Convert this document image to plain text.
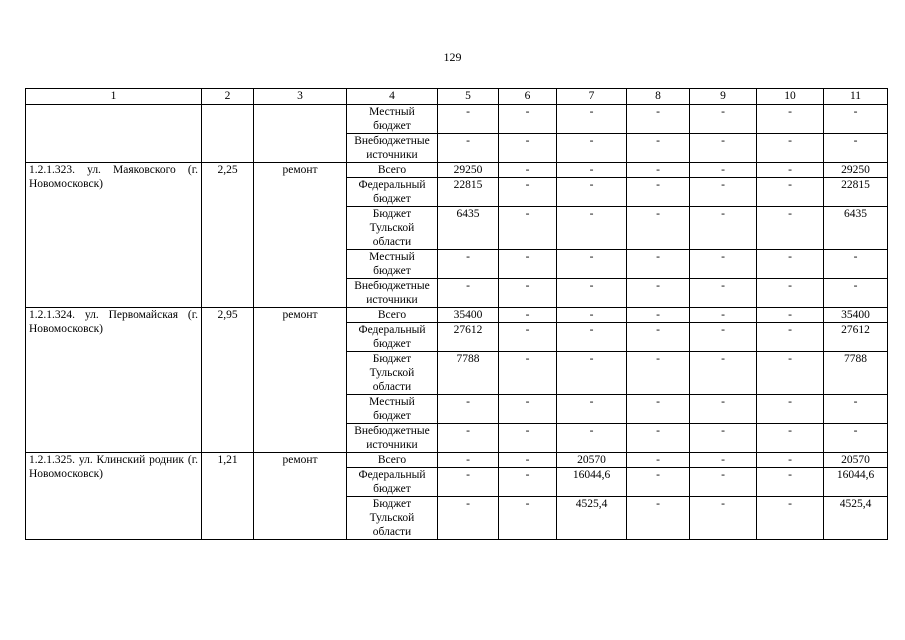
129
1	2	3	4	5	6	7	8	9	10	11
			Местный бюджет	-	-	-	-	-	-	-
			Внебюджетные источники	-	-	-	-	-	-	-
1.2.1.323. ул. Маяковского (г. Новомосковск)	2,25	ремонт	Всего	29250	-	-	-	-	-	29250
			Федеральный бюджет	22815	-	-	-	-	-	22815
			Бюджет Тульской области	6435	-	-	-	-	-	6435
			Местный бюджет	-	-	-	-	-	-	-
			Внебюджетные источники	-	-	-	-	-	-	-
1.2.1.324. ул. Первомайская (г. Новомосковск)	2,95	ремонт	Всего	35400	-	-	-	-	-	35400
			Федеральный бюджет	27612	-	-	-	-	-	27612
			Бюджет Тульской области	7788	-	-	-	-	-	7788
			Местный бюджет	-	-	-	-	-	-	-
			Внебюджетные источники	-	-	-	-	-	-	-
1.2.1.325. ул. Клинский родник (г. Новомосковск)	1,21	ремонт	Всего	-	-	20570	-	-	-	20570
			Федеральный бюджет	-	-	16044,6	-	-	-	16044,6
			Бюджет Тульской области	-	-	4525,4	-	-	-	4525,4
